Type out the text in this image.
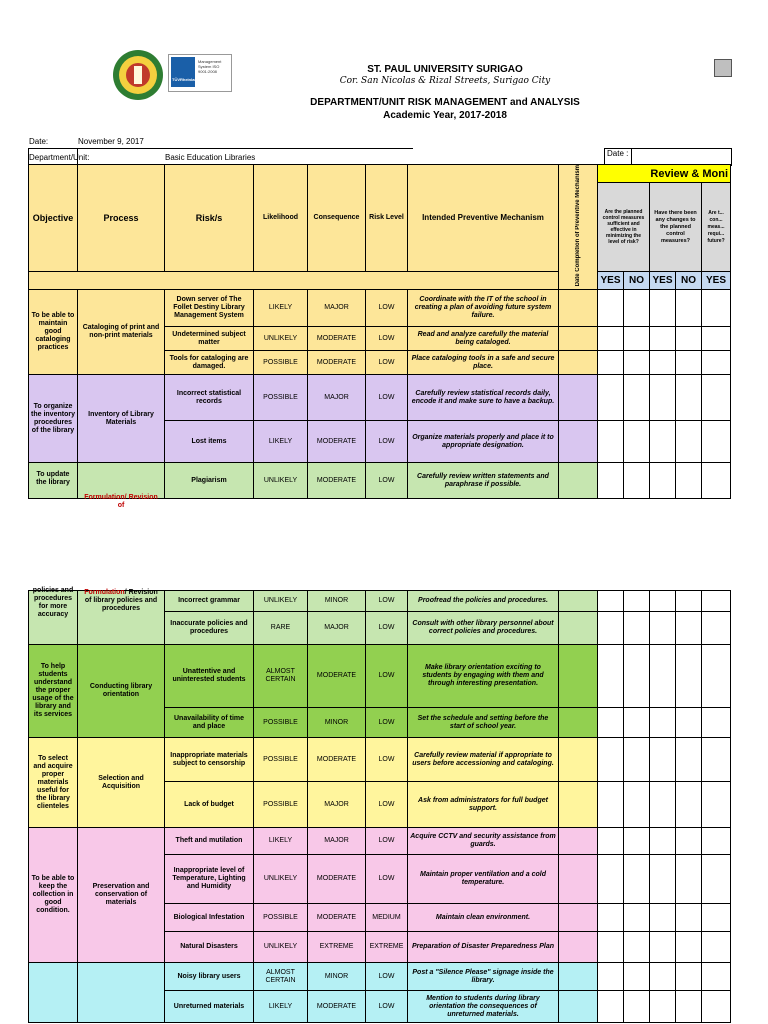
TÜVRheinland
Management System ISO 9001:2008	ST. PAUL UNIVERSITY SURIGAO
Cor. San Nicolas & Rizal Streets, Surigao City
DEPARTMENT/UNIT RISK MANAGEMENT and ANALYSIS
Academic Year, 2017-2018
Date:	November 9, 2017
Department/Unit:	Basic Education Libraries	Date :
Objective	Process	Risk/s	Likelihood	Consequence	Risk Level	Intended Preventive Mechanism	Date Completion of Preventive Mechanism	Review & Moni				
								Are the planned control measures sufficient and effective in minimizing the level of risk?		Have there been any changes to the planned control measures?		Are t... con... meas... requi... future?
								YES	NO	YES	NO	YES
To be able to maintain good cataloging practices	Cataloging of print and non-print materials	Down server of The Follet Destiny Library Management System	LIKELY	MAJOR	LOW	Coordinate with the IT of the school in creating a plan of avoiding future system failure.						
		Undetermined subject matter	UNLIKELY	MODERATE	LOW	Read and analyze carefully the material being cataloged.						
		Tools for cataloging are damaged.	POSSIBLE	MODERATE	LOW	Place cataloging tools in a safe and secure place.						
To organize the inventory procedures of the library	Inventory of Library Materials	Incorrect statistical records	POSSIBLE	MAJOR	LOW	Carefully review statistical records daily, encode it and make sure to have a backup.						
		Lost items	LIKELY	MODERATE	LOW	Organize materials properly and place it to appropriate designation.						

To update the library	Formulation/ Revision of	Plagiarism	UNLIKELY	MODERATE	LOW	Carefully review written statements and paraphrase if possible.						
policies and procedures for more accuracy	Formulation/ Revision of library policies and procedures	Incorrect grammar	UNLIKELY	MINOR	LOW	Proofread the policies and procedures.						
		Inaccurate policies and procedures	RARE	MAJOR	LOW	Consult with other library personnel about correct policies and procedures.						
To help students understand the proper usage of the library and its services	Conducting library orientation	Unattentive and uninterested students	ALMOST CERTAIN	MODERATE	LOW	Make library orientation exciting to students by engaging with them and through interesting presentation.						
		Unavailability of time and place	POSSIBLE	MINOR	LOW	Set the schedule and setting before the start of school year.						
To select and acquire proper materials useful for the library clienteles	Selection and Acquisition	Inappropriate materials subject to censorship	POSSIBLE	MODERATE	LOW	Carefully review material if appropriate to users before accessioning and cataloging.						
		Lack of budget	POSSIBLE	MAJOR	LOW	Ask from administrators for full budget support.						
To be able to keep the collection in good condition.	Preservation and conservation of materials	Theft and mutilation	LIKELY	MAJOR	LOW	Acquire CCTV and security assistance from guards.						
		Inappropriate level of Temperature, Lighting and Humidity	UNLIKELY	MODERATE	LOW	Maintain proper ventilation and a cold temperature.						
		Biological Infestation	POSSIBLE	MODERATE	MEDIUM	Maintain clean environment.						
		Natural Disasters	UNLIKELY	EXTREME	EXTREME	Preparation of Disaster Preparedness Plan						
		Noisy library users	ALMOST CERTAIN	MINOR	LOW	Post a "Silence Please" signage inside the library.						
		Unreturned materials	LIKELY	MODERATE	LOW	Mention to students during library orientation the consequences of unreturned materials.						
